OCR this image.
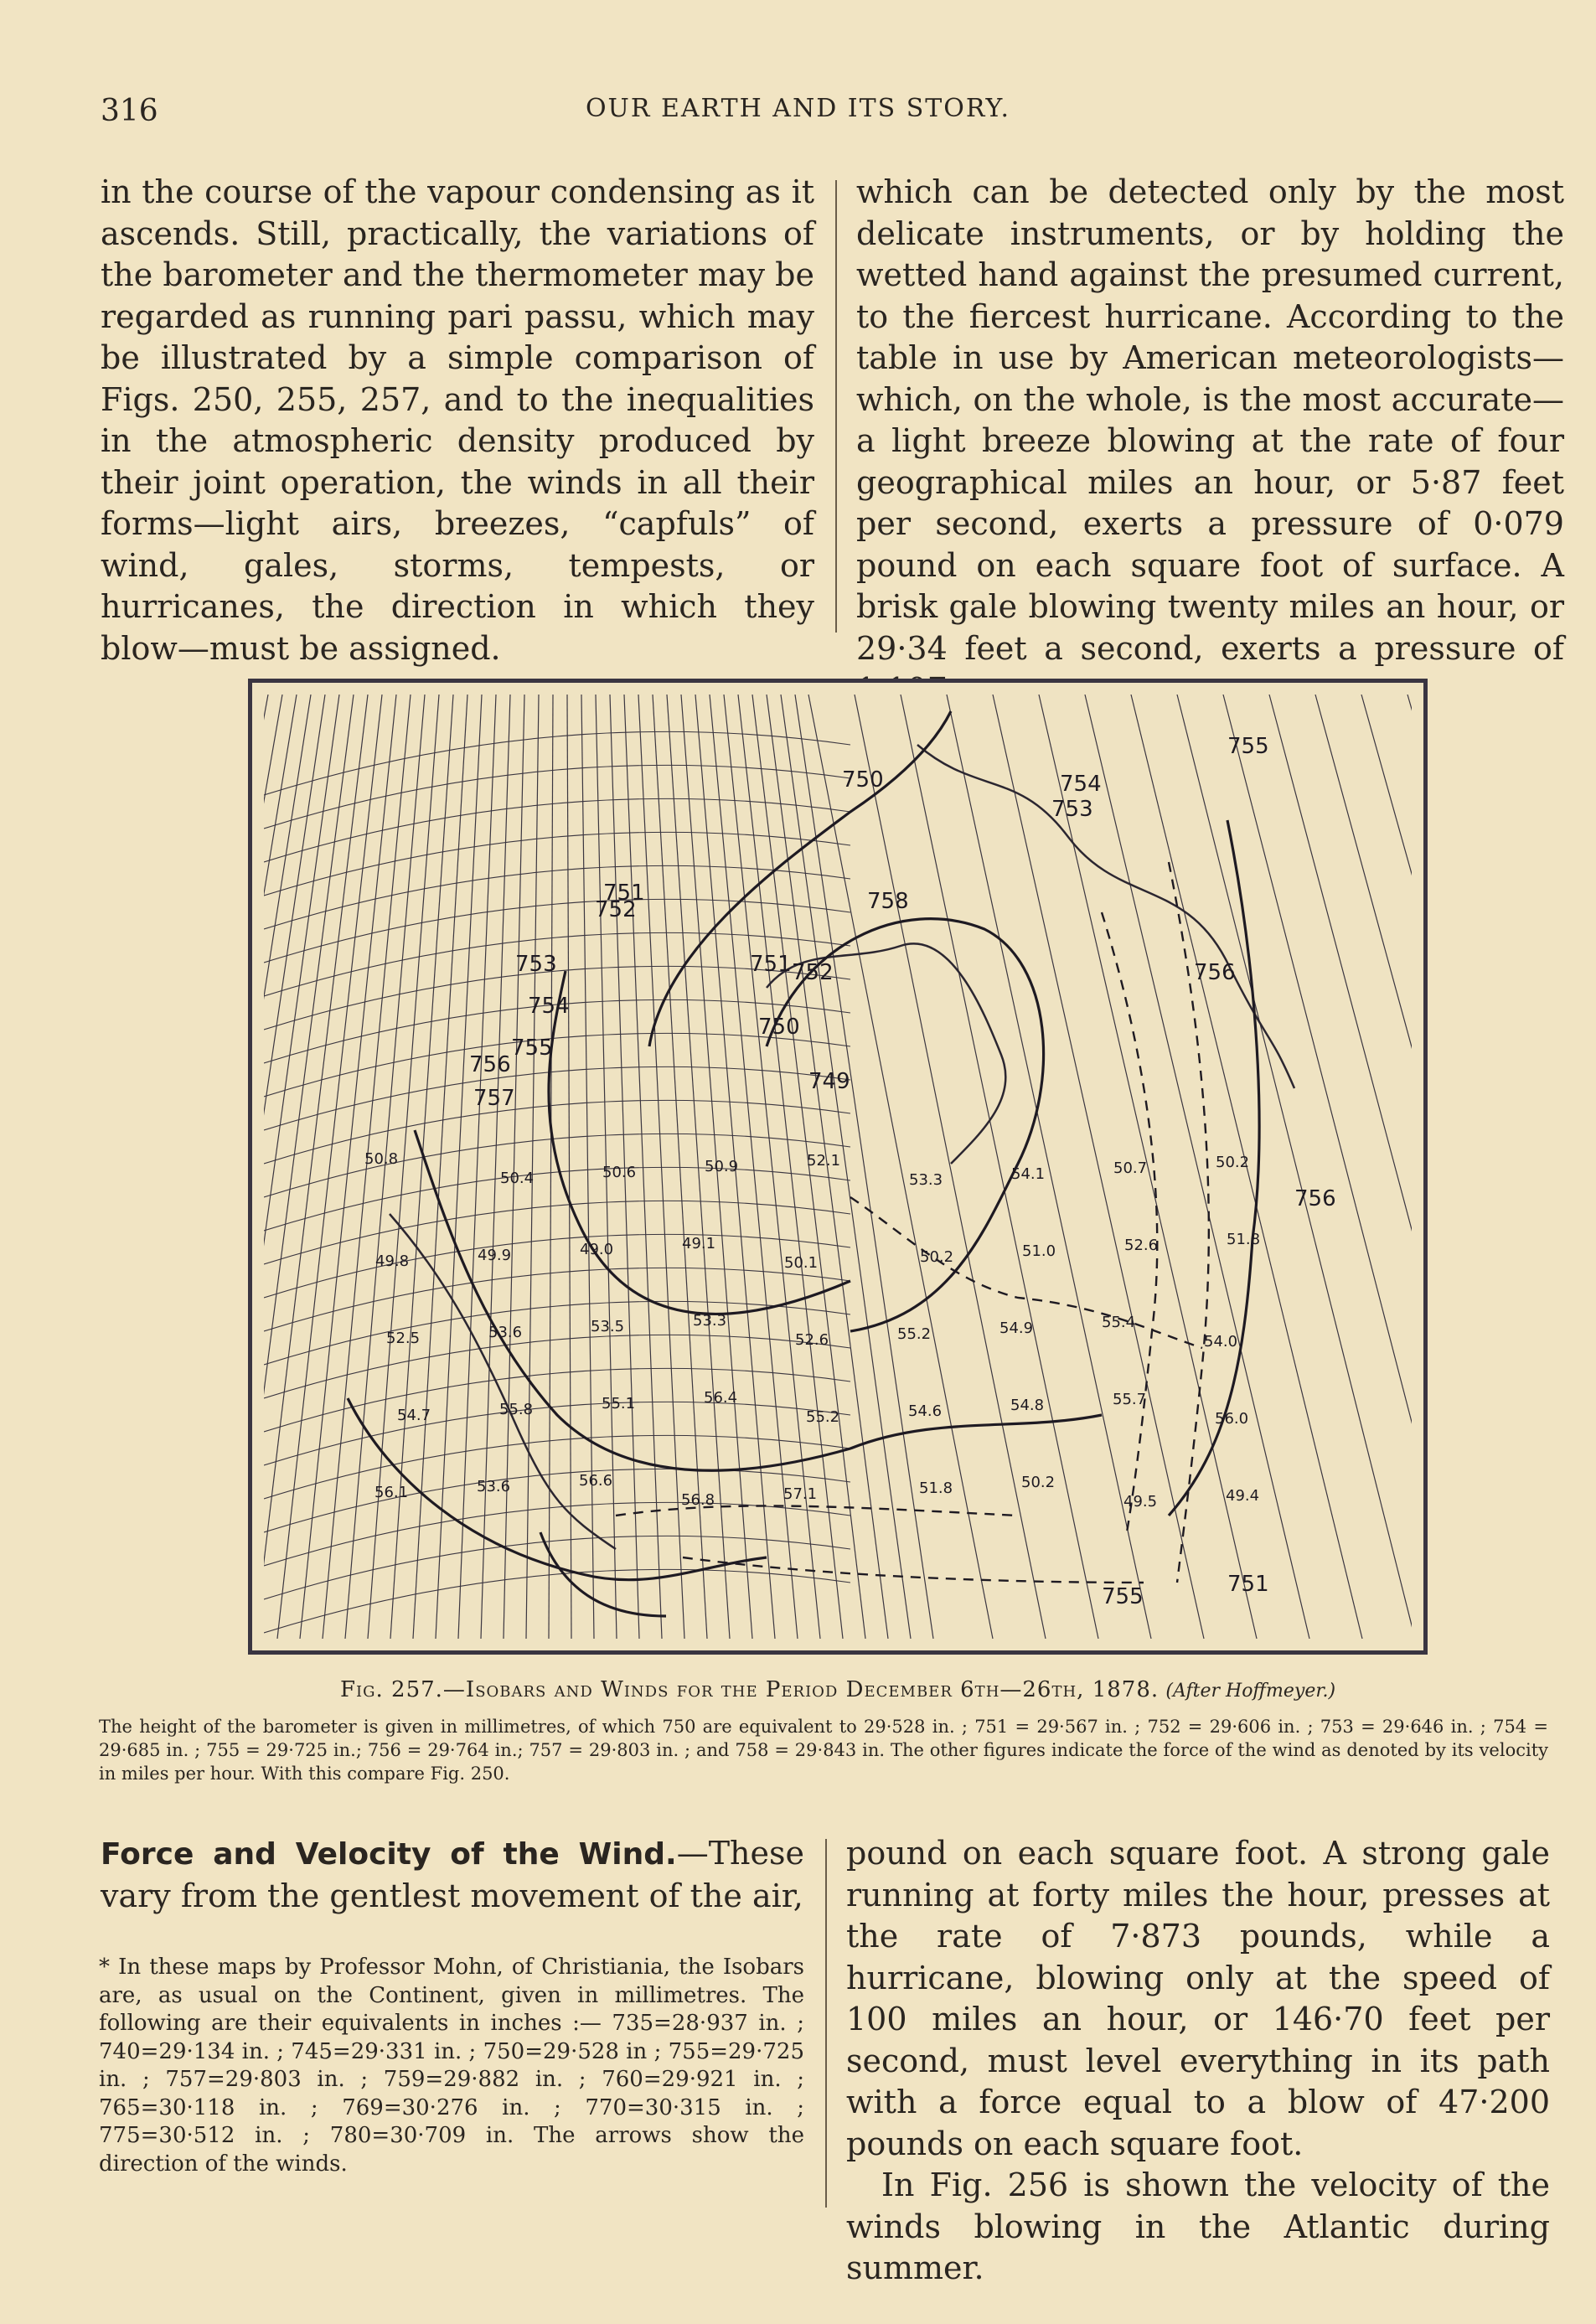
316	OUR EARTH AND ITS STORY.

in the course of the vapour condensing as it ascends. Still, practically, the variations of the barometer and the thermometer may be regarded as running pari passu, which may be illustrated by a simple comparison of Figs. 250, 255, 257, and to the inequalities in the atmospheric density produced by their joint operation, the winds in all their forms—light airs, breezes, “capfuls” of wind, gales, storms, tempests, or hurricanes, the direction in which they blow—must be assigned.

which can be detected only by the most delicate instruments, or by holding the wetted hand against the presumed current, to the fiercest hurricane. According to the table in use by American meteorologists—which, on the whole, is the most accurate—a light breeze blowing at the rate of four geographical miles an hour, or 5·87 feet per second, exerts a pressure of 0·079 pound on each square foot of surface. A brisk gale blowing twenty miles an hour, or 29·34 feet a second, exerts a pressure of

750
751
752
753
754
755
756
757
758
749
750
751 752
753
754
755
756
756
755	751
50.8
50.4	50.6	50.9	52.1
53.3	54.1	50.7	50.2
49.8	49.9	49.0	49.1
50.1	50.2	51.0	52.6	51.8
52.5	53.6	53.5	53.3
52.6	55.2	54.9	55.4
54.0
54.7	55.8	55.1	56.4
55.2	54.6	54.8	55.7
56.0
56.1	53.6	56.6
56.8	57.1	51.8	50.2
49.5	49.4
Fig. 257.—Isobars and Winds for the Period December 6th—26th, 1878. (After Hoffmeyer.)
The height of the barometer is given in millimetres, of which 750 are equivalent to 29·528 in. ; 751 = 29·567 in. ; 752 = 29·606 in. ; 753 = 29·646 in. ; 754 = 29·685 in. ; 755 = 29·725 in.; 756 = 29·764 in.; 757 = 29·803 in. ; and 758 = 29·843 in. The other figures indicate the force of the wind as denoted by its velocity in miles per hour. With this compare Fig. 250.

Force and Velocity of the Wind.—These vary from the gentlest movement of the air,

* In these maps by Professor Mohn, of Christiania, the Isobars are, as usual on the Continent, given in millimetres. The following are their equivalents in inches :— 735=28·937 in. ; 740=29·134 in. ; 745=29·331 in. ; 750=29·528 in ; 755=29·725 in. ; 757=29·803 in. ; 759=29·882 in. ; 760=29·921 in. ; 765=30·118 in. ; 769=30·276 in. ; 770=30·315 in. ; 775=30·512 in. ; 780=30·709 in. The arrows show the direction of the winds.

pound on each square foot. A strong gale running at forty miles the hour, presses at the rate of 7·873 pounds, while a hurricane, blowing only at the speed of 100 miles an hour, or 146·70 feet per second, must level everything in its path with a force equal to a blow of 47·200 pounds on each square foot.

In Fig. 256 is shown the velocity of the winds blowing in the Atlantic during summer.
